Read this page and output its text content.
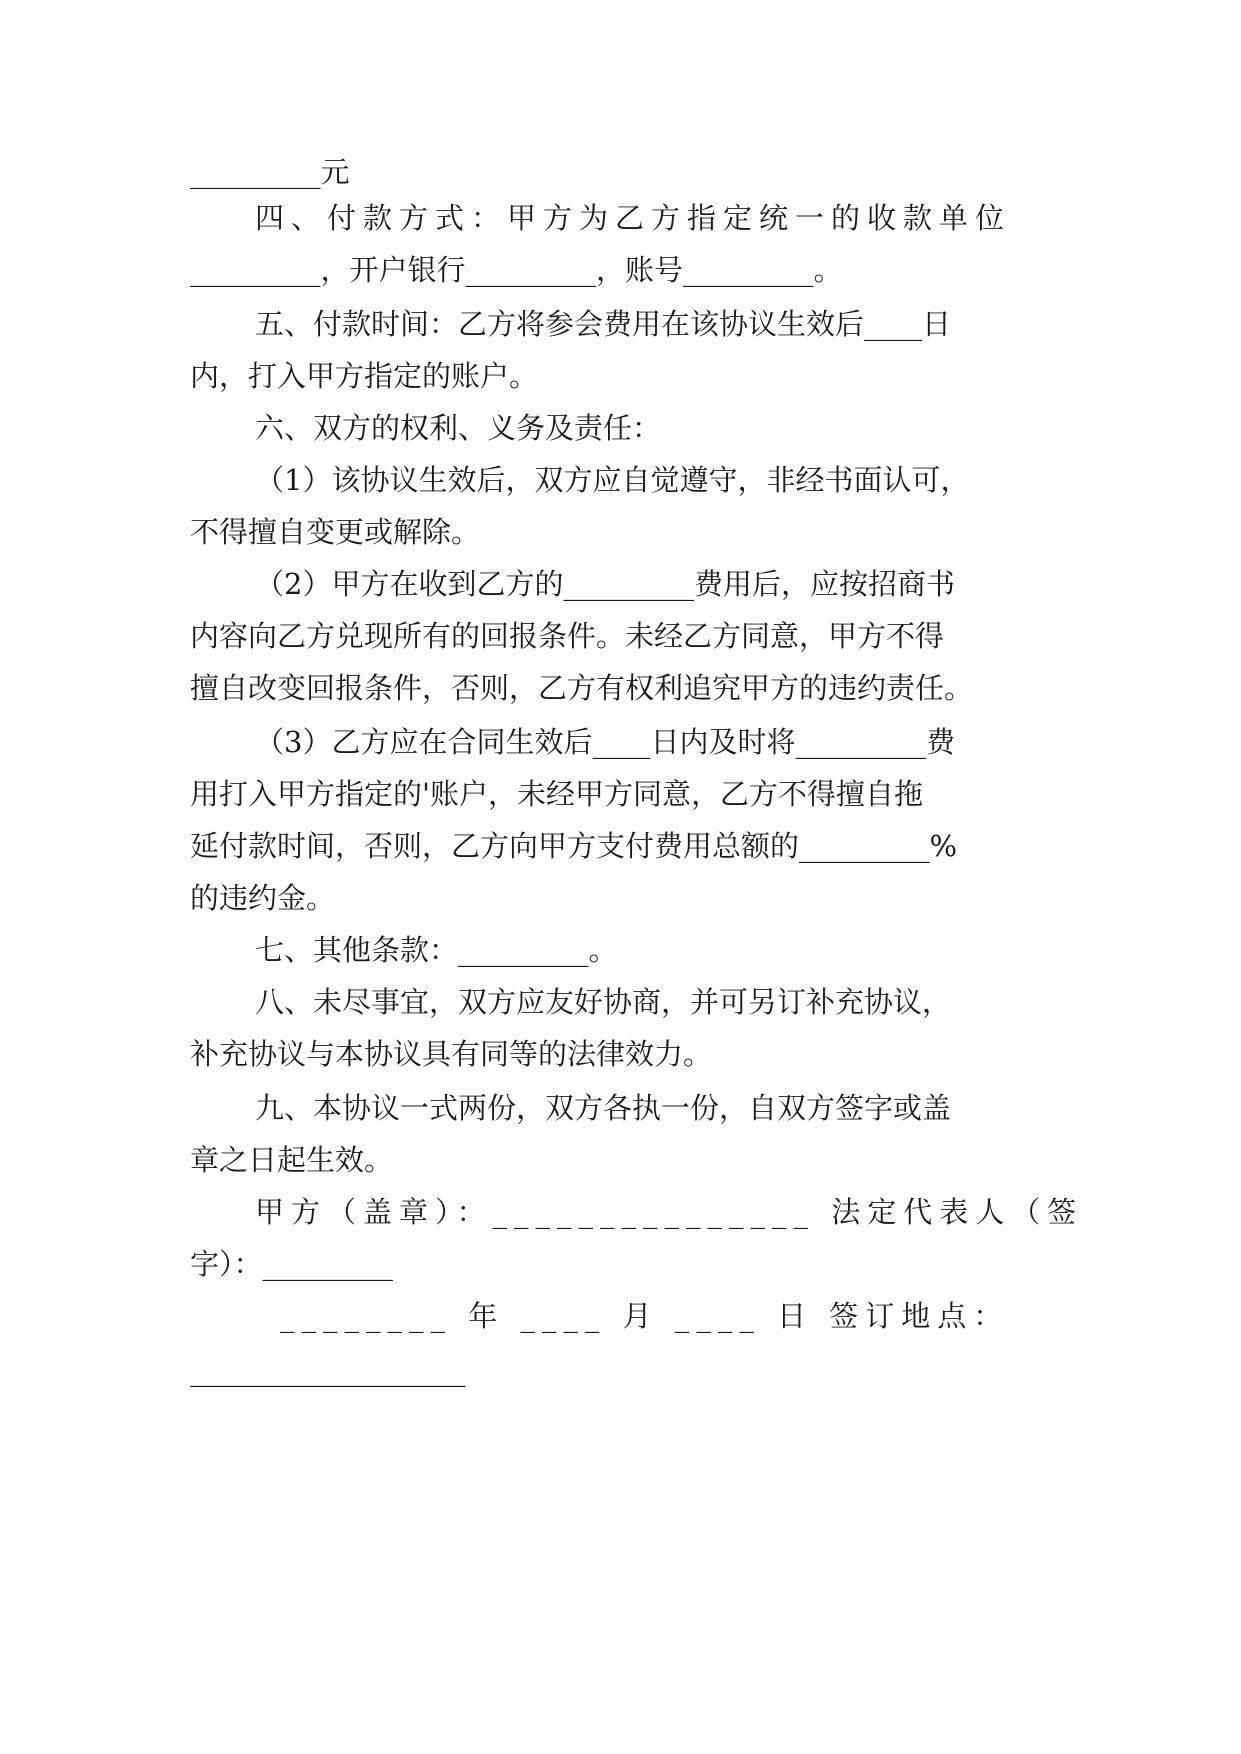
_________元

四、付款方式：甲方为乙方指定统一的收款单位

_________，开户银行_________，账号_________。

五、付款时间：乙方将参会费用在该协议生效后____日

内，打入甲方指定的账户。

六、双方的权利、义务及责任：

（1）该协议生效后，双方应自觉遵守，非经书面认可，

不得擅自变更或解除。

（2）甲方在收到乙方的_________费用后，应按招商书

内容向乙方兑现所有的回报条件。未经乙方同意，甲方不得

擅自改变回报条件，否则，乙方有权利追究甲方的违约责任。

（3）乙方应在合同生效后____日内及时将_________费

用打入甲方指定的'账户，未经甲方同意，乙方不得擅自拖

延付款时间，否则，乙方向甲方支付费用总额的_________%

的违约金。

七、其他条款：_________。

八、未尽事宜，双方应友好协商，并可另订补充协议，

补充协议与本协议具有同等的法律效力。

九、本协议一式两份，双方各执一份，自双方签字或盖

章之日起生效。

甲方（盖章）：_______________ 法定代表人（签

字）：_________

________ 年 ____ 月 ____ 日 签订地点：

___________________
